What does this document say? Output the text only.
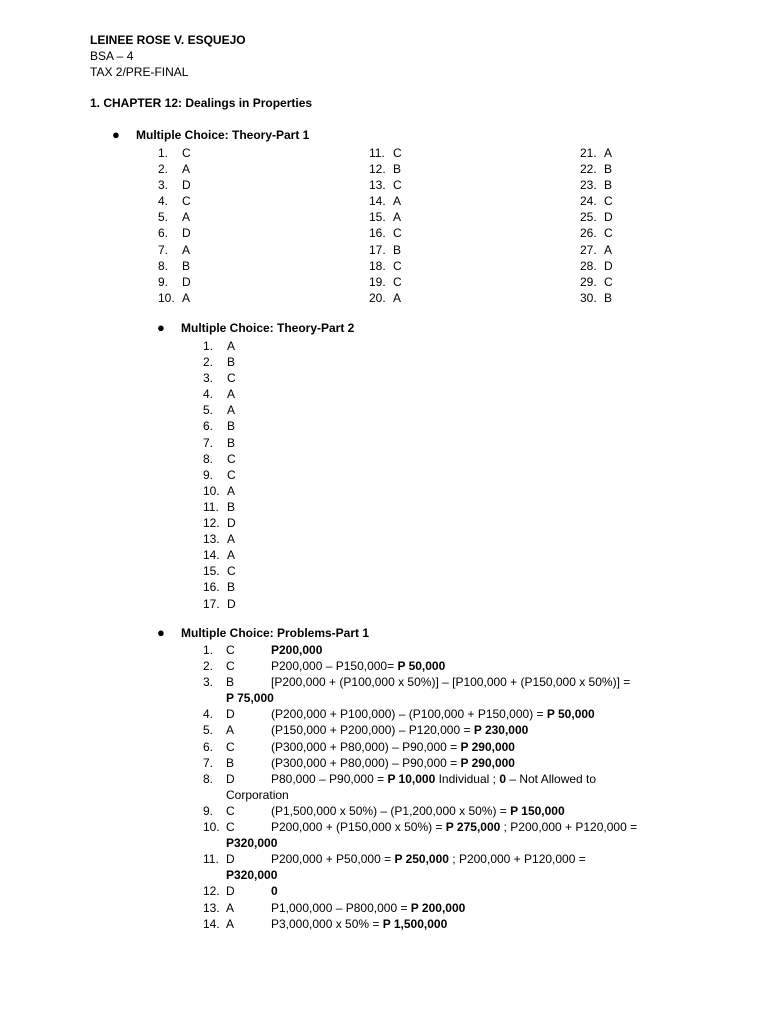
LEINEE ROSE V. ESQUEJO
BSA – 4
TAX 2/PRE-FINAL
1. CHAPTER 12: Dealings in Properties
● Multiple Choice: Theory-Part 1
1. C
2. A
3. D
4. C
5. A
6. D
7. A
8. B
9. D
10. A
11. C
12. B
13. C
14. A
15. A
16. C
17. B
18. C
19. C
20. A
21. A
22. B
23. B
24. C
25. D
26. C
27. A
28. D
29. C
30. B
● Multiple Choice: Theory-Part 2
1. A
2. B
3. C
4. A
5. A
6. B
7. B
8. C
9. C
10. A
11. B
12. D
13. A
14. A
15. C
16. B
17. D
● Multiple Choice: Problems-Part 1
1.	C	P200,000
2.	C	P200,000 – P150,000= P 50,000
3.	B	[P200,000 + (P100,000 x 50%)] – [P100,000 + (P150,000 x 50%)] =
P 75,000
4.	D	(P200,000 + P100,000) – (P100,000 + P150,000) = P 50,000
5.	A	(P150,000 + P200,000) – P120,000 = P 230,000
6.	C	(P300,000 + P80,000) – P90,000 = P 290,000
7.	B	(P300,000 + P80,000) – P90,000 = P 290,000
8.	D	P80,000 – P90,000 = P 10,000 Individual ; 0 – Not Allowed to
Corporation
9.	C	(P1,500,000 x 50%) – (P1,200,000 x 50%) = P 150,000
10. C	P200,000 + (P150,000 x 50%) = P 275,000 ; P200,000 + P120,000 =
P320,000
11. D	P200,000 + P50,000 = P 250,000 ; P200,000 + P120,000 =
P320,000
12. D	0
13. A	P1,000,000 – P800,000 = P 200,000
14. A	P3,000,000 x 50% = P 1,500,000
